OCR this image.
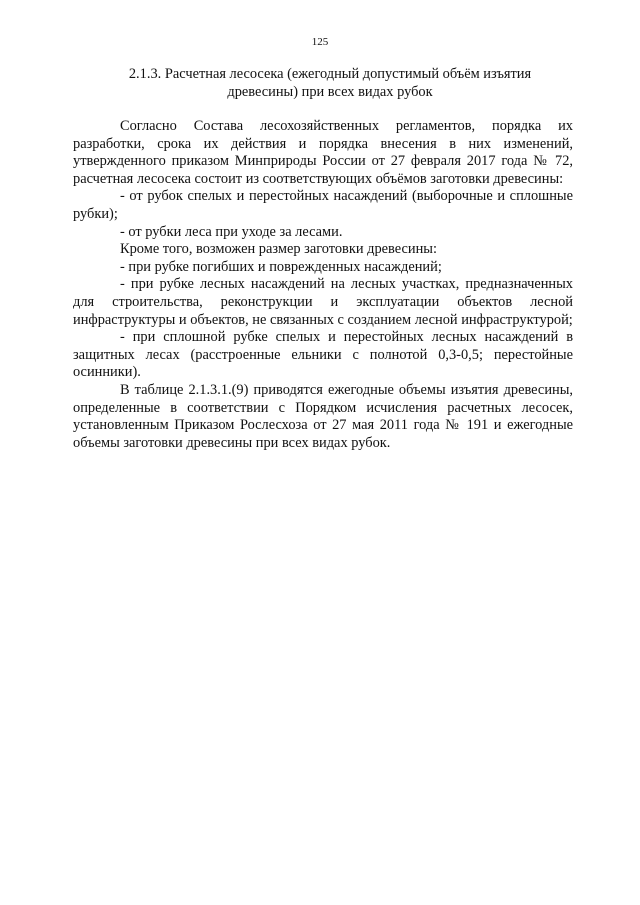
125
2.1.3. Расчетная лесосека (ежегодный допустимый объём изъятия
древесины) при всех видах рубок

Согласно Состава лесохозяйственных регламентов, порядка их разработки, срока их действия и порядка внесения в них изменений, утвержденного приказом Минприроды России от 27 февраля 2017 года № 72, расчетная лесосека состоит из соответствующих объёмов заготовки древесины:

- от рубок спелых и перестойных насаждений (выборочные и сплошные рубки);

- от рубки леса при уходе за лесами.

Кроме того, возможен размер заготовки древесины:

- при рубке погибших и поврежденных насаждений;

- при рубке лесных насаждений на лесных участках, предназначенных для строительства, реконструкции и эксплуатации объектов лесной инфраструктуры и объектов, не связанных с созданием лесной инфраструктурой;

- при сплошной рубке спелых и перестойных лесных насаждений в защитных лесах (расстроенные ельники с полнотой 0,3-0,5; перестойные осинники).

В таблице 2.1.3.1.(9) приводятся ежегодные объемы изъятия древесины, определенные в соответствии с Порядком исчисления расчетных лесосек, установленным Приказом Рослесхоза от 27 мая 2011 года № 191 и ежегодные объемы заготовки древесины при всех видах рубок.
